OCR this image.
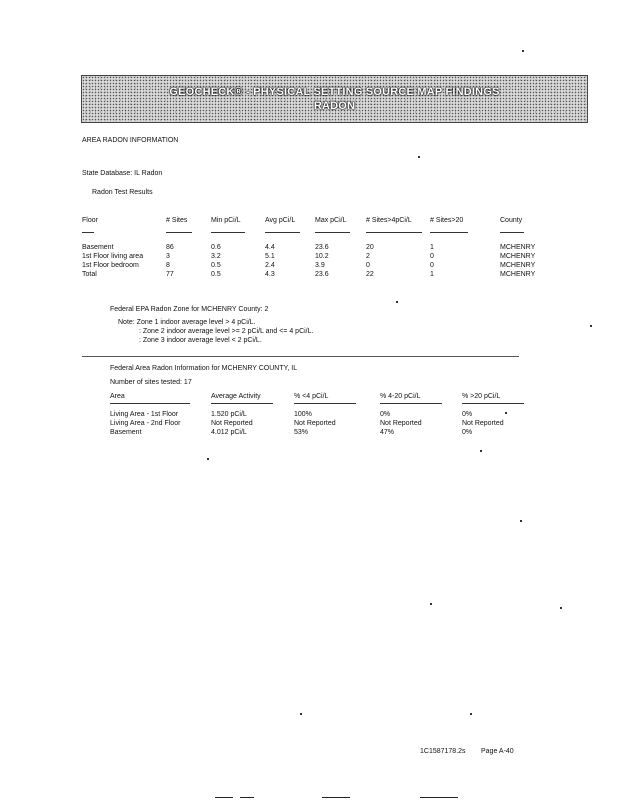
GEOCHECK® - PHYSICAL SETTING SOURCE MAP FINDINGS
RADON
AREA RADON INFORMATION
State Database: IL Radon
Radon Test Results
Floor	# Sites	Min pCi/L	Avg pCi/L	Max pCi/L	# Sites>4pCi/L	# Sites>20	County
Basement	86	0.6	4.4	23.6	20	1	MCHENRY
1st Floor living area	3	3.2	5.1	10.2	2	0	MCHENRY
1st Floor bedroom	8	0.5	2.4	3.9	0	0	MCHENRY
Total	77	0.5	4.3	23.6	22	1	MCHENRY
Federal EPA Radon Zone for MCHENRY County: 2
Note: Zone 1 indoor average level > 4 pCi/L.
: Zone 2 indoor average level >= 2 pCi/L and <= 4 pCi/L.
: Zone 3 indoor average level < 2 pCi/L.
Federal Area Radon Information for MCHENRY COUNTY, IL
Number of sites tested: 17
Area	Average Activity	% <4 pCi/L	% 4-20 pCi/L	% >20 pCi/L
Living Area - 1st Floor	1.520 pCi/L	100%	0%	0%
Living Area - 2nd Floor	Not Reported	Not Reported	Not Reported	Not Reported
Basement	4.012 pCi/L	53%	47%	0%
1C1587178.2s Page A-40
